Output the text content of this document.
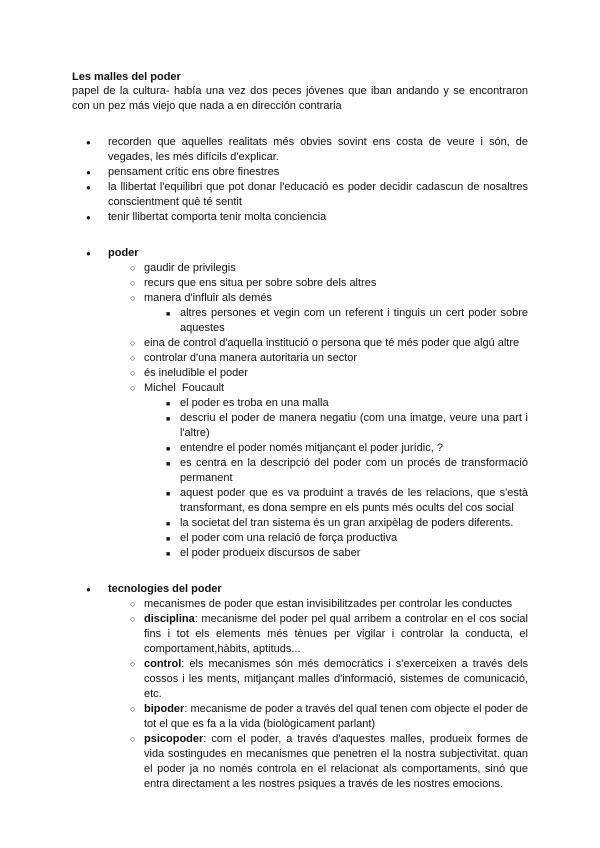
Les malles del poder
papel de la cultura- había una vez dos peces jóvenes que iban andando y se encontraron con un pez más viejo que nada a en dirección contraria
● recorden que aquelles realitats més obvies sovint ens costa de veure i són, de vegades, les més difícils d'explicar.
● pensament crític ens obre finestres
● la llibertat l'equilibri que pot donar l'educació es poder decidir cadascun de nosaltres conscientment què té sentit
● tenir llibertat comporta tenir molta conciencia
● poder
○ gaudir de privilegis
○ recurs que ens situa per sobre sobre dels altres
○ manera d'influir als demés
■ altres persones et vegin com un referent i tinguis un cert poder sobre aquestes
○ eina de control d'aquella institució o persona que té més poder que algú altre
○ controlar d'una manera autoritaria un sector
○ és ineludible el poder
○ Michel  Foucault
■ el poder es troba en una malla
■ descriu el poder de manera negatiu (com una imatge, veure una part i l'altre)
■ entendre el poder només mitjançant el poder jurídic, ?
■ es centra en la descripció del poder com un procés de transformació permanent
■ aquest poder que es va produint a través de les relacions, que s'està transformant, es dona sempre en els punts més ocults del cos social
■ la societat del tran sistema és un gran arxipèlag de poders diferents.
■ el poder com una relació de força productiva
■ el poder produeix discursos de saber
● tecnologies del poder
○ mecanismes de poder que estan invisibilitzades per controlar les conductes
○ disciplina: mecanisme del poder pel qual arribem a controlar en el cos social fins i tot els elements més tènues per vigilar i controlar la conducta, el comportament,hàbits, aptituds...
○ control: els mecanismes són més democràtics i s'exerceixen a través dels cossos i les ments, mitjançant malles d'informació, sistemes de comunicació, etc.
○ bipoder: mecanisme de poder a través del qual tenen com objecte el poder de tot el que es fa a la vida (biològicament parlant)
○ psicopoder: com el poder, a través d'aquestes malles, produeix formes de vida sostingudes en mecanismes que penetren el la nostra subjectivitat. quan el poder ja no només controla en el relacionat als comportaments, sinó que entra directament a les nostres psiques a través de les nostres emocions.
